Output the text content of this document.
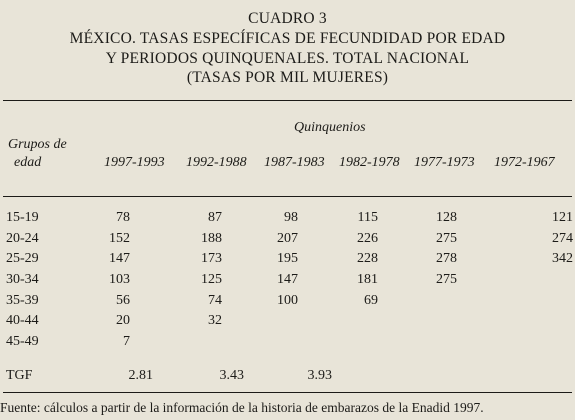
CUADRO 3
MÉXICO. TASAS ESPECÍFICAS DE FECUNDIDAD POR EDAD
Y PERIODOS QUINQUENALES. TOTAL NACIONAL
(TASAS POR MIL MUJERES)
Grupos de
edad
Quinquenios
1997-1993 1992-1988 1987-1983 1982-1978 1977-1973 1972-1967
15-19	78	87	98	115	128	121
20-24	152	188	207	226	275	274
25-29	147	173	195	228	278	342
30-34	103	125	147	181	275
35-39	56	74	100	69
40-44	20	32
45-49	7
TGF	2.81	3.43	3.93
Fuente: cálculos a partir de la información de la historia de embarazos de la Enadid 1997.
